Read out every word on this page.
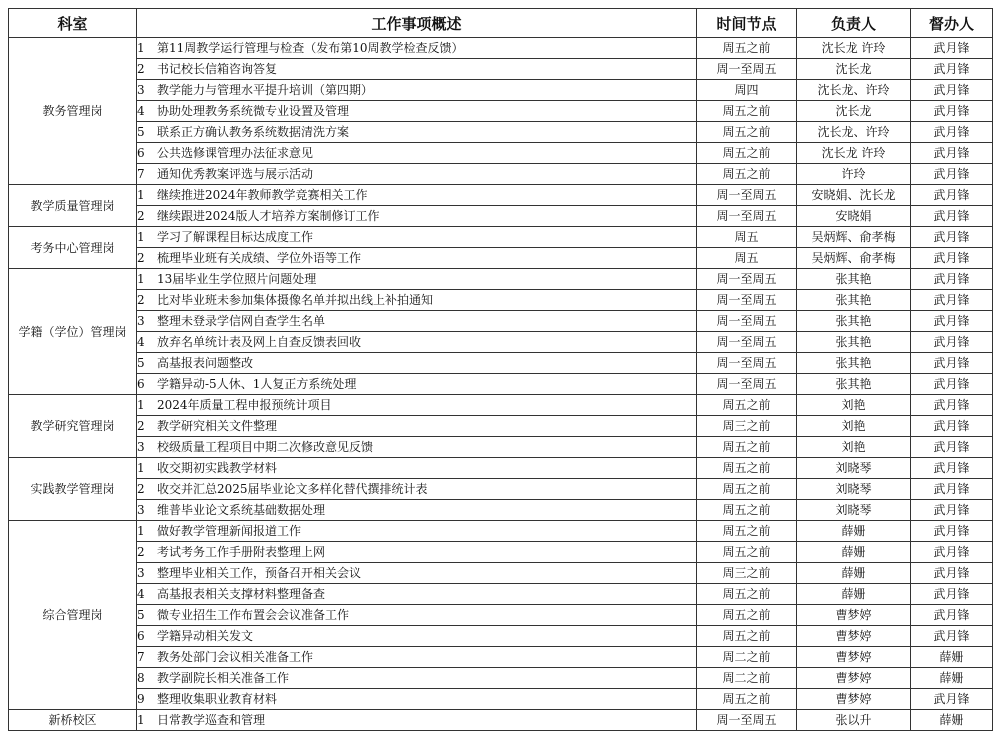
科室	工作事项概述	时间节点	负责人	督办人
教务管理岗	1 第11周教学运行管理与检查（发布第10周教学检查反馈）	周五之前	沈长龙 许玲	武月锋
	2 书记校长信箱咨询答复	周一至周五	沈长龙	武月锋
	3 教学能力与管理水平提升培训（第四期）	周四	沈长龙、许玲	武月锋
	4 协助处理教务系统微专业设置及管理	周五之前	沈长龙	武月锋
	5 联系正方确认教务系统数据清洗方案	周五之前	沈长龙、许玲	武月锋
	6 公共选修课管理办法征求意见	周五之前	沈长龙 许玲	武月锋
	7 通知优秀教案评选与展示活动	周五之前	许玲	武月锋
教学质量管理岗	1 继续推进2024年教师教学竞赛相关工作	周一至周五	安晓娟、沈长龙	武月锋
	2 继续跟进2024版人才培养方案制修订工作	周一至周五	安晓娟	武月锋
考务中心管理岗	1 学习了解课程目标达成度工作	周五	吴炳辉、俞孝梅	武月锋
	2 梳理毕业班有关成绩、学位外语等工作	周五	吴炳辉、俞孝梅	武月锋
学籍（学位）管理岗	1 13届毕业生学位照片问题处理	周一至周五	张其艳	武月锋
	2 比对毕业班未参加集体摄像名单并拟出线上补拍通知	周一至周五	张其艳	武月锋
	3 整理未登录学信网自查学生名单	周一至周五	张其艳	武月锋
	4 放弃名单统计表及网上自查反馈表回收	周一至周五	张其艳	武月锋
	5 高基报表问题整改	周一至周五	张其艳	武月锋
	6 学籍异动-5人休、1人复正方系统处理	周一至周五	张其艳	武月锋
教学研究管理岗	1 2024年质量工程申报预统计项目	周五之前	刘艳	武月锋
	2 教学研究相关文件整理	周三之前	刘艳	武月锋
	3 校级质量工程项目中期二次修改意见反馈	周五之前	刘艳	武月锋
实践教学管理岗	1 收交期初实践教学材料	周五之前	刘晓琴	武月锋
	2 收交并汇总2025届毕业论文多样化替代撰排统计表	周五之前	刘晓琴	武月锋
	3 维普毕业论文系统基础数据处理	周五之前	刘晓琴	武月锋
综合管理岗	1 做好教学管理新闻报道工作	周五之前	薛姗	武月锋
	2 考试考务工作手册附表整理上网	周五之前	薛姗	武月锋
	3 整理毕业相关工作，预备召开相关会议	周三之前	薛姗	武月锋
	4 高基报表相关支撑材料整理备查	周五之前	薛姗	武月锋
	5 微专业招生工作布置会会议准备工作	周五之前	曹梦婷	武月锋
	6 学籍异动相关发文	周五之前	曹梦婷	武月锋
	7 教务处部门会议相关准备工作	周二之前	曹梦婷	薛姗
	8 教学副院长相关准备工作	周二之前	曹梦婷	薛姗
	9 整理收集职业教育材料	周五之前	曹梦婷	武月锋
新桥校区	1 日常教学巡查和管理	周一至周五	张以升	薛姗
